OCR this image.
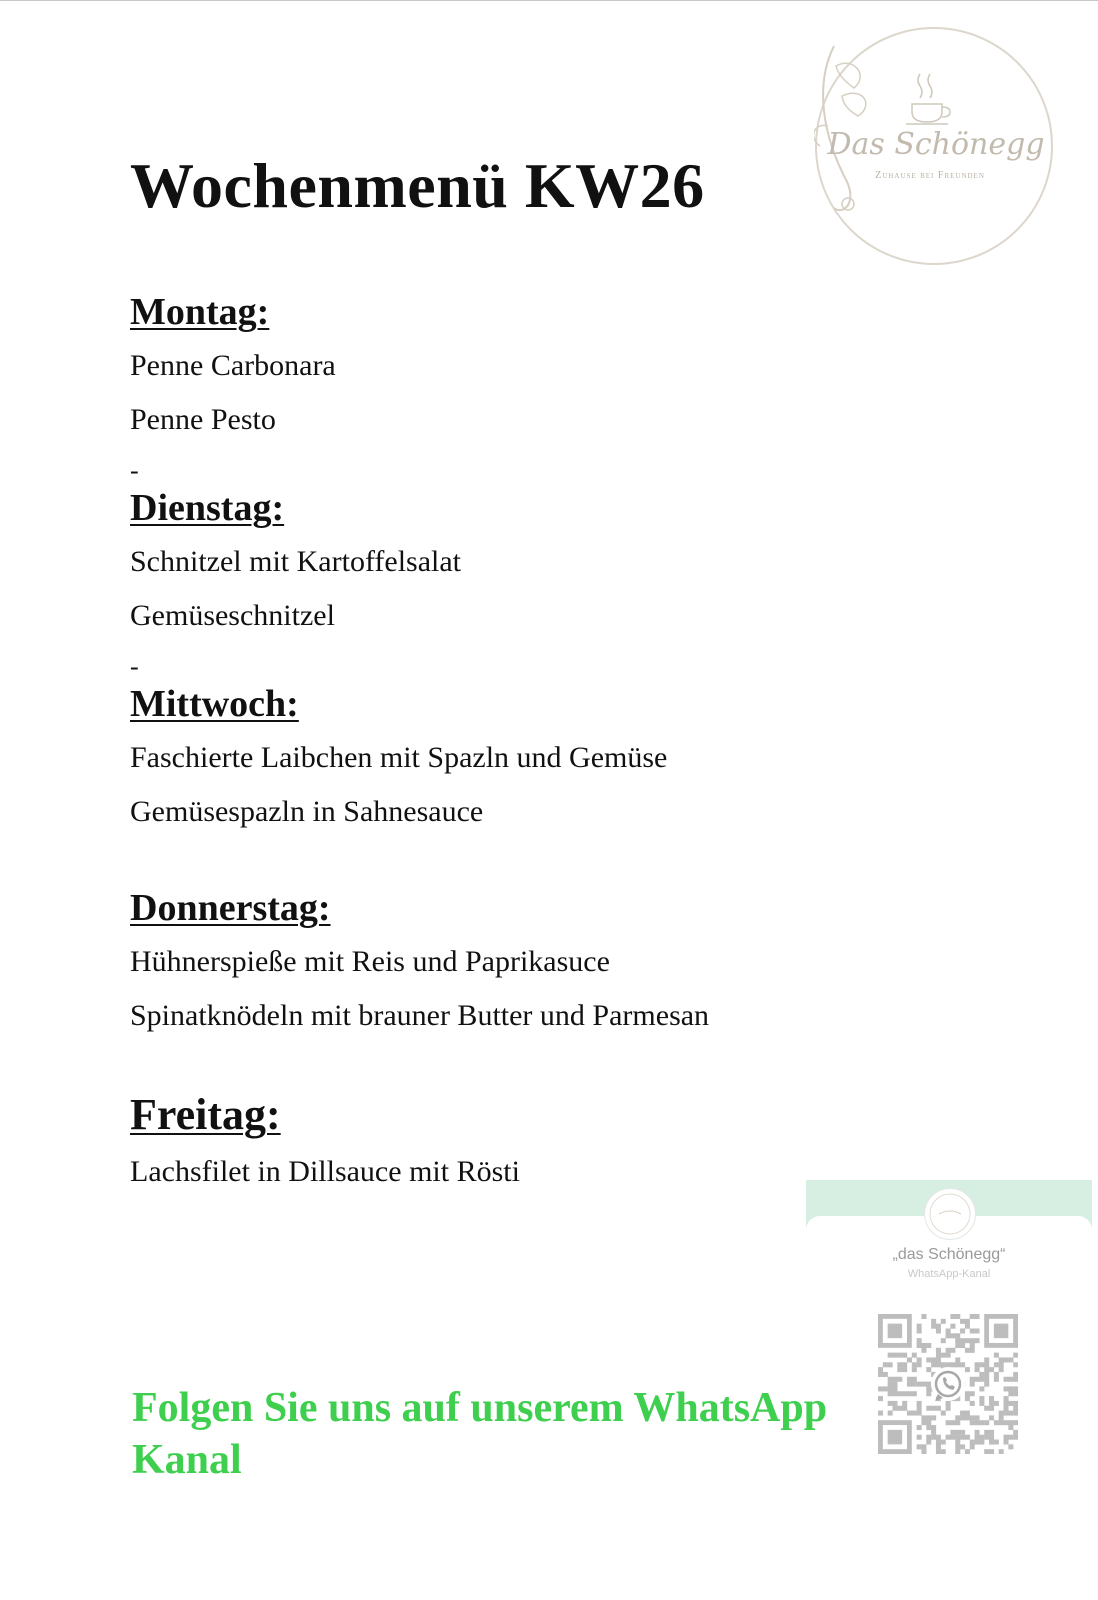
Wochenmenü KW26
Das Schönegg
Zuhause bei Freunden
Montag:

Penne Carbonara

Penne Pesto

-
Dienstag:

Schnitzel mit Kartoffelsalat

Gemüseschnitzel

-
Mittwoch:

Faschierte Laibchen mit Spazln und Gemüse

Gemüsespazln in Sahnesauce

Donnerstag:

Hühnerspieße mit Reis und Paprikasuce

Spinatknödeln mit brauner Butter und Parmesan

Freitag:

Lachsfilet in Dillsauce mit Rösti

„das Schönegg“
WhatsApp-Kanal
Folgen Sie uns auf unserem WhatsApp Kanal
